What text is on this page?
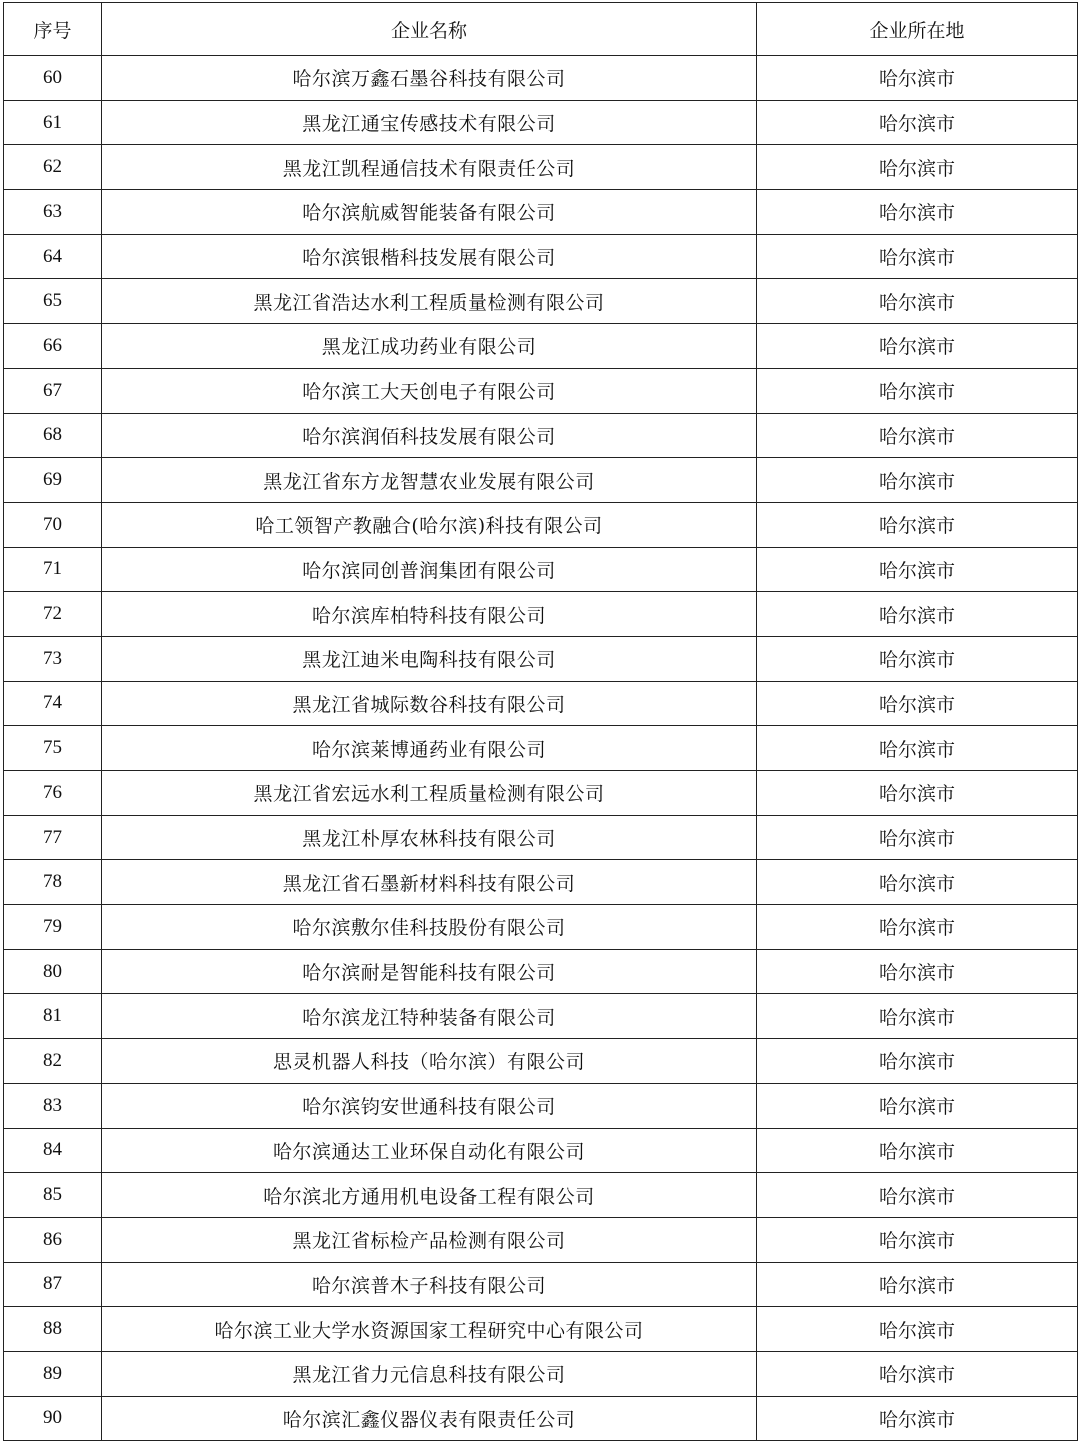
序号	企业名称	企业所在地
60	哈尔滨万鑫石墨谷科技有限公司	哈尔滨市
61	黑龙江通宝传感技术有限公司	哈尔滨市
62	黑龙江凯程通信技术有限责任公司	哈尔滨市
63	哈尔滨航威智能装备有限公司	哈尔滨市
64	哈尔滨银楷科技发展有限公司	哈尔滨市
65	黑龙江省浩达水利工程质量检测有限公司	哈尔滨市
66	黑龙江成功药业有限公司	哈尔滨市
67	哈尔滨工大天创电子有限公司	哈尔滨市
68	哈尔滨润佰科技发展有限公司	哈尔滨市
69	黑龙江省东方龙智慧农业发展有限公司	哈尔滨市
70	哈工领智产教融合(哈尔滨)科技有限公司	哈尔滨市
71	哈尔滨同创普润集团有限公司	哈尔滨市
72	哈尔滨库柏特科技有限公司	哈尔滨市
73	黑龙江迪米电陶科技有限公司	哈尔滨市
74	黑龙江省城际数谷科技有限公司	哈尔滨市
75	哈尔滨莱博通药业有限公司	哈尔滨市
76	黑龙江省宏远水利工程质量检测有限公司	哈尔滨市
77	黑龙江朴厚农林科技有限公司	哈尔滨市
78	黑龙江省石墨新材料科技有限公司	哈尔滨市
79	哈尔滨敷尔佳科技股份有限公司	哈尔滨市
80	哈尔滨耐是智能科技有限公司	哈尔滨市
81	哈尔滨龙江特种装备有限公司	哈尔滨市
82	思灵机器人科技（哈尔滨）有限公司	哈尔滨市
83	哈尔滨钧安世通科技有限公司	哈尔滨市
84	哈尔滨通达工业环保自动化有限公司	哈尔滨市
85	哈尔滨北方通用机电设备工程有限公司	哈尔滨市
86	黑龙江省标检产品检测有限公司	哈尔滨市
87	哈尔滨普木子科技有限公司	哈尔滨市
88	哈尔滨工业大学水资源国家工程研究中心有限公司	哈尔滨市
89	黑龙江省力元信息科技有限公司	哈尔滨市
90	哈尔滨汇鑫仪器仪表有限责任公司	哈尔滨市
